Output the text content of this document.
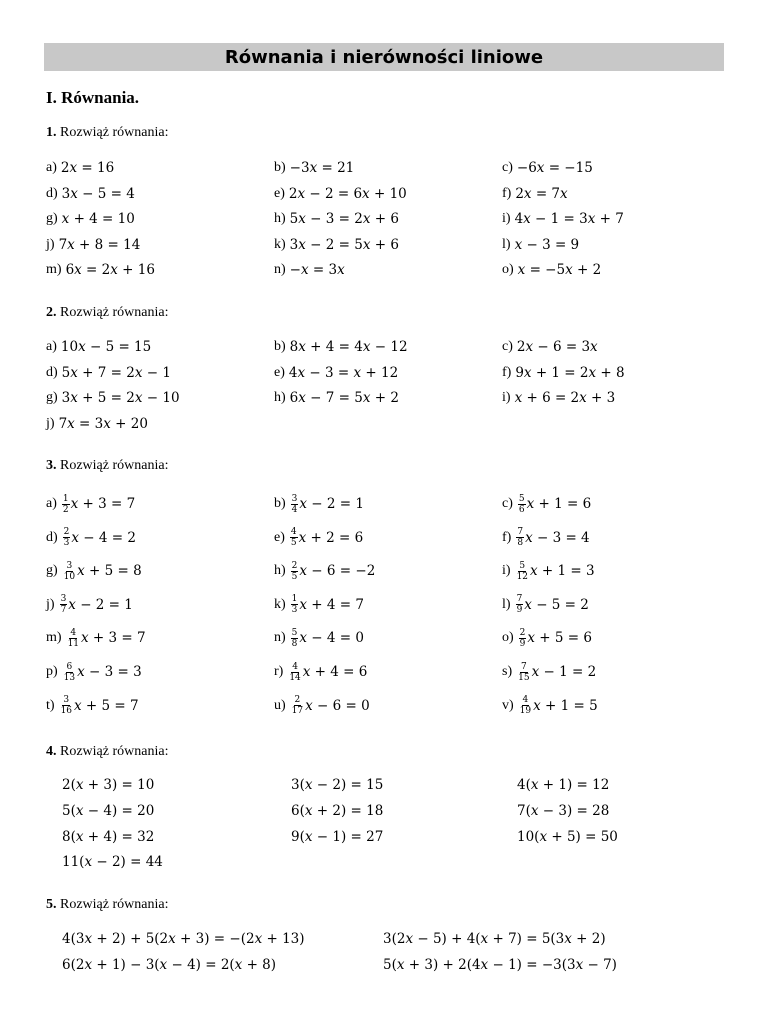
Równania i nierówności liniowe
I. Równania.
1. Rozwiąż równania:
a) 2𝑥 = 16	b) −3𝑥 = 21	c) −6𝑥 = −15
d) 3𝑥 − 5 = 4	e) 2𝑥 − 2 = 6𝑥 + 10	f) 2𝑥 = 7𝑥
g) 𝑥 + 4 = 10	h) 5𝑥 − 3 = 2𝑥 + 6	i) 4𝑥 − 1 = 3𝑥 + 7
j) 7𝑥 + 8 = 14	k) 3𝑥 − 2 = 5𝑥 + 6	l) 𝑥 − 3 = 9
m) 6𝑥 = 2𝑥 + 16	n) −𝑥 = 3𝑥	o) 𝑥 = −5𝑥 + 2
2. Rozwiąż równania:
a) 10𝑥 − 5 = 15	b) 8𝑥 + 4 = 4𝑥 − 12	c) 2𝑥 − 6 = 3𝑥
d) 5𝑥 + 7 = 2𝑥 − 1	e) 4𝑥 − 3 = 𝑥 + 12	f) 9𝑥 + 1 = 2𝑥 + 8
g) 3𝑥 + 5 = 2𝑥 − 10	h) 6𝑥 − 7 = 5𝑥 + 2	i) 𝑥 + 6 = 2𝑥 + 3
j) 7𝑥 = 3𝑥 + 20
3. Rozwiąż równania:
$a) \frac{1}{2}$ 𝑥 + 3 = 7	$b) \frac{3}{4}$ 𝑥 − 2 = 1	$c) \frac{5}{6}$ 𝑥 + 1 = 6
$d) \frac{2}{3}$ 𝑥 − 4 = 2	$e) \frac{4}{5}$ 𝑥 + 2 = 6	$f) \frac{7}{8}$ 𝑥 − 3 = 4
$g) \frac{3}{10}$ 𝑥 + 5 = 8	$h) \frac{2}{5}$ 𝑥 − 6 = −2	$i) \frac{5}{12}$ 𝑥 + 1 = 3
$j) \frac{3}{7}$ 𝑥 − 2 = 1	$k) \frac{1}{3}$ 𝑥 + 4 = 7	$l) \frac{7}{9}$ 𝑥 − 5 = 2
$m) \frac{4}{11}$ 𝑥 + 3 = 7	$n) \frac{5}{8}$ 𝑥 − 4 = 0	$o) \frac{2}{9}$ 𝑥 + 5 = 6
$p) \frac{6}{13}$ 𝑥 − 3 = 3	$r) \frac{4}{14}$ 𝑥 + 4 = 6	$s) \frac{7}{15}$ 𝑥 − 1 = 2
$t) \frac{3}{16}$ 𝑥 + 5 = 7	$u) \frac{2}{17}$ 𝑥 − 6 = 0	$v) \frac{4}{19}$ 𝑥 + 1 = 5
4. Rozwiąż równania:
2(𝑥 + 3) = 10	3(𝑥 − 2) = 15	4(𝑥 + 1) = 12
5(𝑥 − 4) = 20	6(𝑥 + 2) = 18	7(𝑥 − 3) = 28
8(𝑥 + 4) = 32	9(𝑥 − 1) = 27	10(𝑥 + 5) = 50
11(𝑥 − 2) = 44
5. Rozwiąż równania:
4(3𝑥 + 2) + 5(2𝑥 + 3) = −(2𝑥 + 13)	3(2𝑥 − 5) + 4(𝑥 + 7) = 5(3𝑥 + 2)
6(2𝑥 + 1) − 3(𝑥 − 4) = 2(𝑥 + 8)	5(𝑥 + 3) + 2(4𝑥 − 1) = −3(3𝑥 − 7)
